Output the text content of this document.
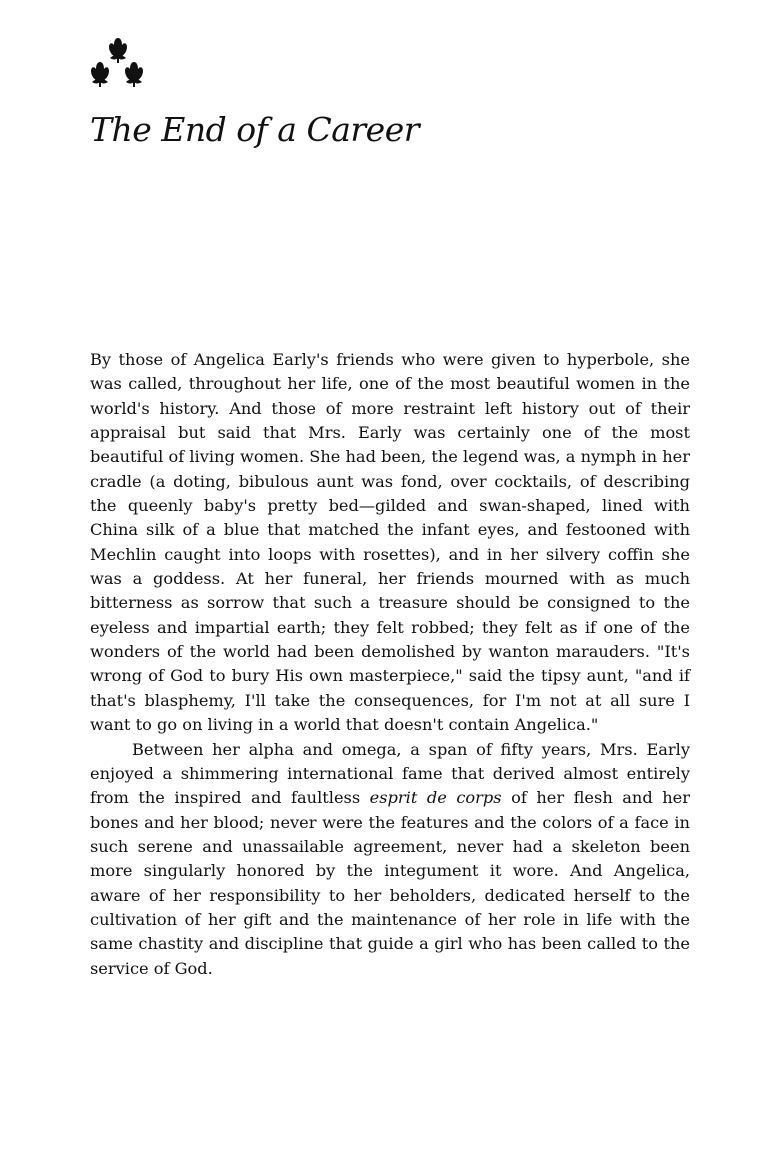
The End of a Career

By those of Angelica Early's friends who were given to hyperbole, she was called, throughout her life, one of the most beautiful women in the world's history. And those of more restraint left history out of their appraisal but said that Mrs. Early was certainly one of the most beautiful of living women. She had been, the legend was, a nymph in her cradle (a doting, bibulous aunt was fond, over cocktails, of describing the queenly baby's pretty bed—gilded and swan-shaped, lined with China silk of a blue that matched the infant eyes, and festooned with Mechlin caught into loops with rosettes), and in her silvery coffin she was a goddess. At her funeral, her friends mourned with as much bitterness as sorrow that such a treasure should be consigned to the eyeless and impartial earth; they felt robbed; they felt as if one of the wonders of the world had been demolished by wanton marauders. "It's wrong of God to bury His own masterpiece," said the tipsy aunt, "and if that's blasphemy, I'll take the consequences, for I'm not at all sure I want to go on living in a world that doesn't contain Angelica."

Between her alpha and omega, a span of fifty years, Mrs. Early enjoyed a shimmering international fame that derived almost entirely from the inspired and faultless esprit de corps of her flesh and her bones and her blood; never were the features and the colors of a face in such serene and unassailable agreement, never had a skeleton been more singularly honored by the integument it wore. And Angelica, aware of her responsibility to her beholders, dedicated herself to the cultivation of her gift and the maintenance of her role in life with the same chastity and discipline that guide a girl who has been called to the service of God.
